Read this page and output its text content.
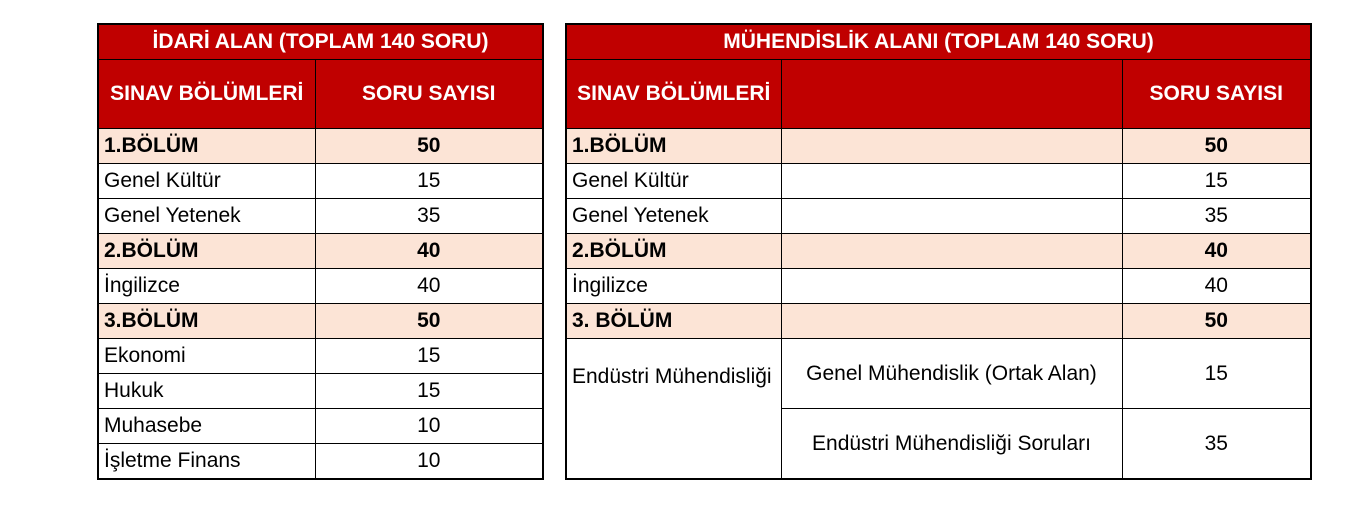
İDARİ ALAN (TOPLAM 140 SORU)	
SINAV BÖLÜMLERİ	SORU SAYISI
1.BÖLÜM	50
Genel Kültür	15
Genel Yetenek	35
2.BÖLÜM	40
İngilizce	40
3.BÖLÜM	50
Ekonomi	15
Hukuk	15
Muhasebe	10
İşletme Finans	10
MÜHENDİSLİK ALANI (TOPLAM 140 SORU)		
SINAV BÖLÜMLERİ		SORU SAYISI
1.BÖLÜM		50
Genel Kültür		15
Genel Yetenek		35
2.BÖLÜM		40
İngilizce		40
3. BÖLÜM		50
Endüstri Mühendisliği	Genel Mühendislik (Ortak Alan)	15
	Endüstri Mühendisliği Soruları	35
